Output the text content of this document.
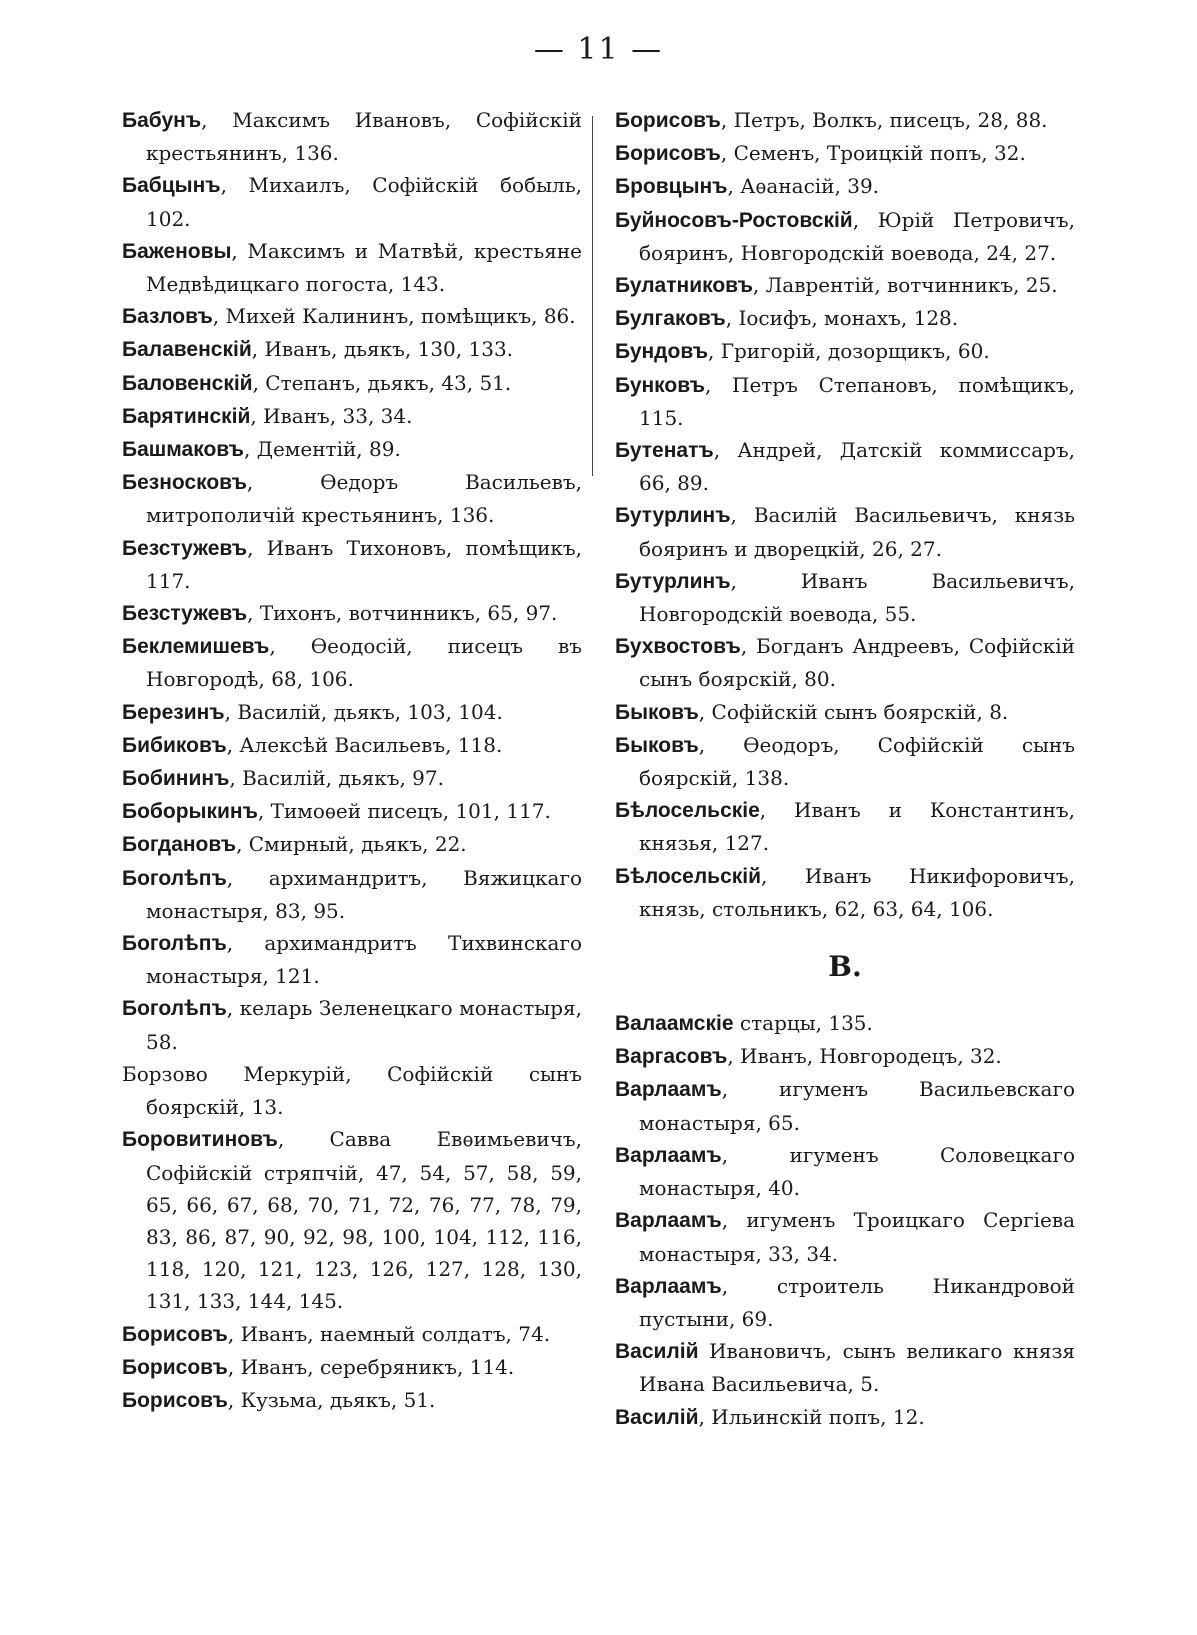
— 11 —

Бабунъ, Максимъ Ивановъ, Софійскій крестьянинъ, 136.

Бабцынъ, Михаилъ, Софійскій бобыль, 102.

Баженовы, Максимъ и Матвѣй, крестьяне Медвѣдицкаго погоста, 143.

Базловъ, Михей Калининъ, помѣщикъ, 86.

Балавенскій, Иванъ, дьякъ, 130, 133.

Баловенскій, Степанъ, дьякъ, 43, 51.

Барятинскій, Иванъ, 33, 34.

Башмаковъ, Дементій, 89.

Безносковъ, Ѳедоръ Васильевъ, митрополичій крестьянинъ, 136.

Безстужевъ, Иванъ Тихоновъ, помѣщикъ, 117.

Безстужевъ, Тихонъ, вотчинникъ, 65, 97.

Беклемишевъ, Ѳеодосій, писецъ въ Новгородѣ, 68, 106.

Березинъ, Василій, дьякъ, 103, 104.

Бибиковъ, Алексѣй Васильевъ, 118.

Бобининъ, Василій, дьякъ, 97.

Боборыкинъ, Тимоѳей писецъ, 101, 117.

Богдановъ, Смирный, дьякъ, 22.

Боголѣпъ, архимандритъ, Вяжицкаго монастыря, 83, 95.

Боголѣпъ, архимандритъ Тихвинскаго монастыря, 121.

Боголѣпъ, келарь Зеленецкаго монастыря, 58.

Борзово Меркурій, Софійскій сынъ боярскій, 13.

Боровитиновъ, Савва Евѳимьевичъ, Софійскій стряпчій, 47, 54, 57, 58, 59, 65, 66, 67, 68, 70, 71, 72, 76, 77, 78, 79, 83, 86, 87, 90, 92, 98, 100, 104, 112, 116, 118, 120, 121, 123, 126, 127, 128, 130, 131, 133, 144, 145.

Борисовъ, Иванъ, наемный солдатъ, 74.

Борисовъ, Иванъ, серебряникъ, 114.

Борисовъ, Кузьма, дьякъ, 51.

Борисовъ, Петръ, Волкъ, писецъ, 28, 88.

Борисовъ, Семенъ, Троицкій попъ, 32.

Бровцынъ, Аѳанасій, 39.

Буйносовъ-Ростовскій, Юрій Петровичъ, бояринъ, Новгородскій воевода, 24, 27.

Булатниковъ, Лаврентій, вотчинникъ, 25.

Булгаковъ, Іосифъ, монахъ, 128.

Бундовъ, Григорій, дозорщикъ, 60.

Бунковъ, Петръ Степановъ, помѣщикъ, 115.

Бутенатъ, Андрей, Датскій коммиссаръ, 66, 89.

Бутурлинъ, Василій Васильевичъ, князь бояринъ и дворецкій, 26, 27.

Бутурлинъ, Иванъ Васильевичъ, Новгородскій воевода, 55.

Бухвостовъ, Богданъ Андреевъ, Софійскій сынъ боярскій, 80.

Быковъ, Софійскій сынъ боярскій, 8.

Быковъ, Ѳеодоръ, Софійскій сынъ боярскій, 138.

Бѣлосельскіе, Иванъ и Константинъ, князья, 127.

Бѣлосельскій, Иванъ Никифоровичъ, князь, стольникъ, 62, 63, 64, 106.

В.

Валаамскіе старцы, 135.

Варгасовъ, Иванъ, Новгородецъ, 32.

Варлаамъ, игуменъ Васильевскаго монастыря, 65.

Варлаамъ, игуменъ Соловецкаго монастыря, 40.

Варлаамъ, игуменъ Троицкаго Сергіева монастыря, 33, 34.

Варлаамъ, строитель Никандровой пустыни, 69.

Василій Ивановичъ, сынъ великаго князя Ивана Васильевича, 5.

Василій, Ильинскій попъ, 12.
